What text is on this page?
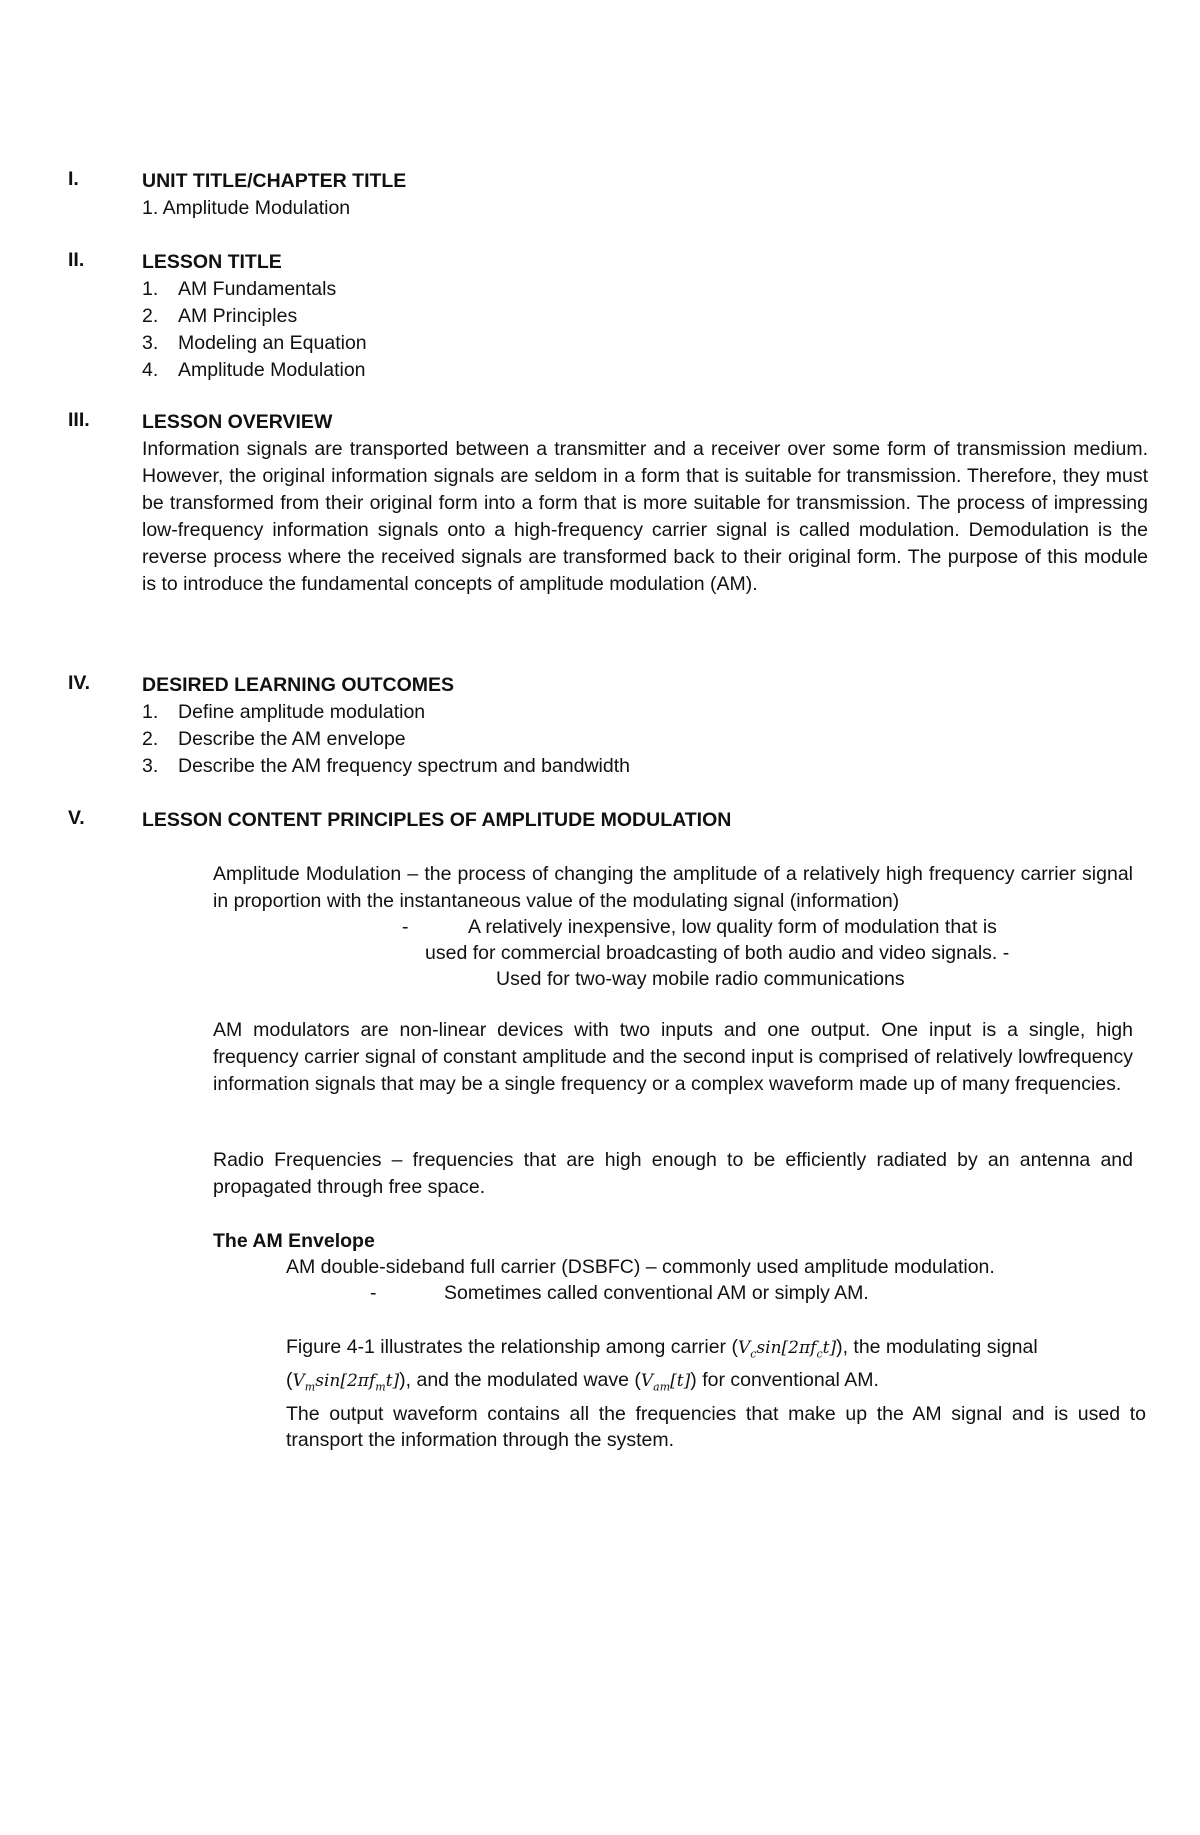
I.	UNIT TITLE/CHAPTER TITLE
1. Amplitude Modulation
II.	LESSON TITLE
1. AM Fundamentals
2. AM Principles
3. Modeling an Equation
4. Amplitude Modulation
III.	LESSON OVERVIEW
Information signals are transported between a transmitter and a receiver over some form of transmission medium. However, the original information signals are seldom in a form that is suitable for transmission. Therefore, they must be transformed from their original form into a form that is more suitable for transmission. The process of impressing low-frequency information signals onto a high-frequency carrier signal is called modulation. Demodulation is the reverse process where the received signals are transformed back to their original form. The purpose of this module is to introduce the fundamental concepts of amplitude modulation (AM).
IV.	DESIRED LEARNING OUTCOMES
1. Define amplitude modulation
2. Describe the AM envelope
3. Describe the AM frequency spectrum and bandwidth
V.	LESSON CONTENT PRINCIPLES OF AMPLITUDE MODULATION
Amplitude Modulation – the process of changing the amplitude of a relatively high frequency carrier signal in proportion with the instantaneous value of the modulating signal (information)
-	A relatively inexpensive, low quality form of modulation that is
used for commercial broadcasting of both audio and video signals. -
Used for two-way mobile radio communications
AM modulators are non-linear devices with two inputs and one output. One input is a single, high frequency carrier signal of constant amplitude and the second input is comprised of relatively lowfrequency information signals that may be a single frequency or a complex waveform made up of many frequencies.
Radio Frequencies – frequencies that are high enough to be efficiently radiated by an antenna and propagated through free space.
The AM Envelope
AM double-sideband full carrier (DSBFC) – commonly used amplitude modulation.
-	Sometimes called conventional AM or simply AM.
Figure 4-1 illustrates the relationship among carrier $(V_c\sin[2\pi f_ct])$, the modulating signal
$(V_m\sin[2\pi f_mt])$, and the modulated wave $(V_{am}[t])$ for conventional AM.
The output waveform contains all the frequencies that make up the AM signal and is used to transport the information through the system.
